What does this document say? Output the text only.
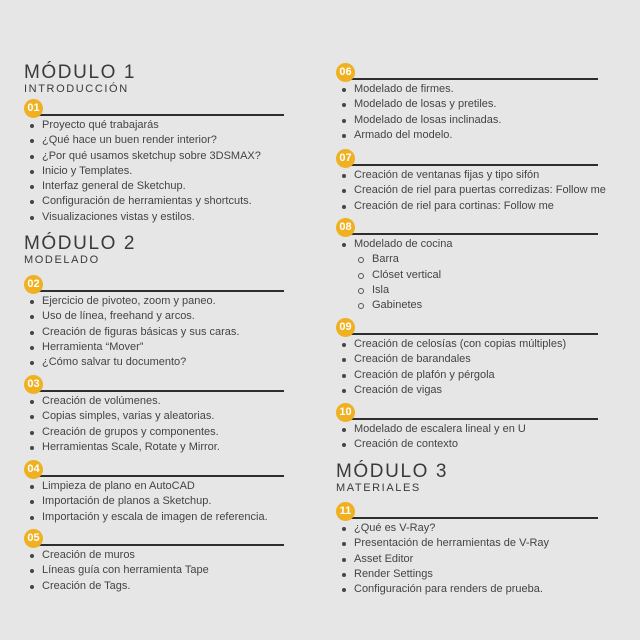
MÓDULO 1
INTRODUCCIÓN
01
Proyecto qué trabajarás
¿Qué hace un buen render interior?
¿Por qué usamos sketchup sobre 3DSMAX?
Inicio y Templates.
Interfaz general de Sketchup.
Configuración de herramientas y shortcuts.
Visualizaciones vistas y estilos.
MÓDULO 2
MODELADO
02
Ejercicio de pivoteo, zoom y paneo.
Uso de línea, freehand y arcos.
Creación de figuras básicas y sus caras.
Herramienta “Mover”
¿Cómo salvar tu documento?
03
Creación de volúmenes.
Copias simples, varias y aleatorias.
Creación de grupos y componentes.
Herramientas Scale, Rotate y Mirror.
04
Limpieza de plano en AutoCAD
Importación de planos a Sketchup.
Importación y escala de imagen de referencia.
05
Creación de muros
Líneas guía con herramienta Tape
Creación de Tags.
06
Modelado de firmes.
Modelado de losas y pretiles.
Modelado de losas inclinadas.
Armado del modelo.
07
Creación de ventanas fijas y tipo sifón
Creación de riel para puertas corredizas: Follow me
Creación de riel para cortinas: Follow me
08
Modelado de cocina
Barra
Clóset vertical
Isla
Gabinetes
09
Creación de celosías (con copias múltiples)
Creación de barandales
Creación de plafón y pérgola
Creación de vigas
10
Modelado de escalera lineal y en U
Creación de contexto
MÓDULO 3
MATERIALES
11
¿Qué es V-Ray?
Presentación de herramientas de V-Ray
Asset Editor
Render Settings
Configuración para renders de prueba.
